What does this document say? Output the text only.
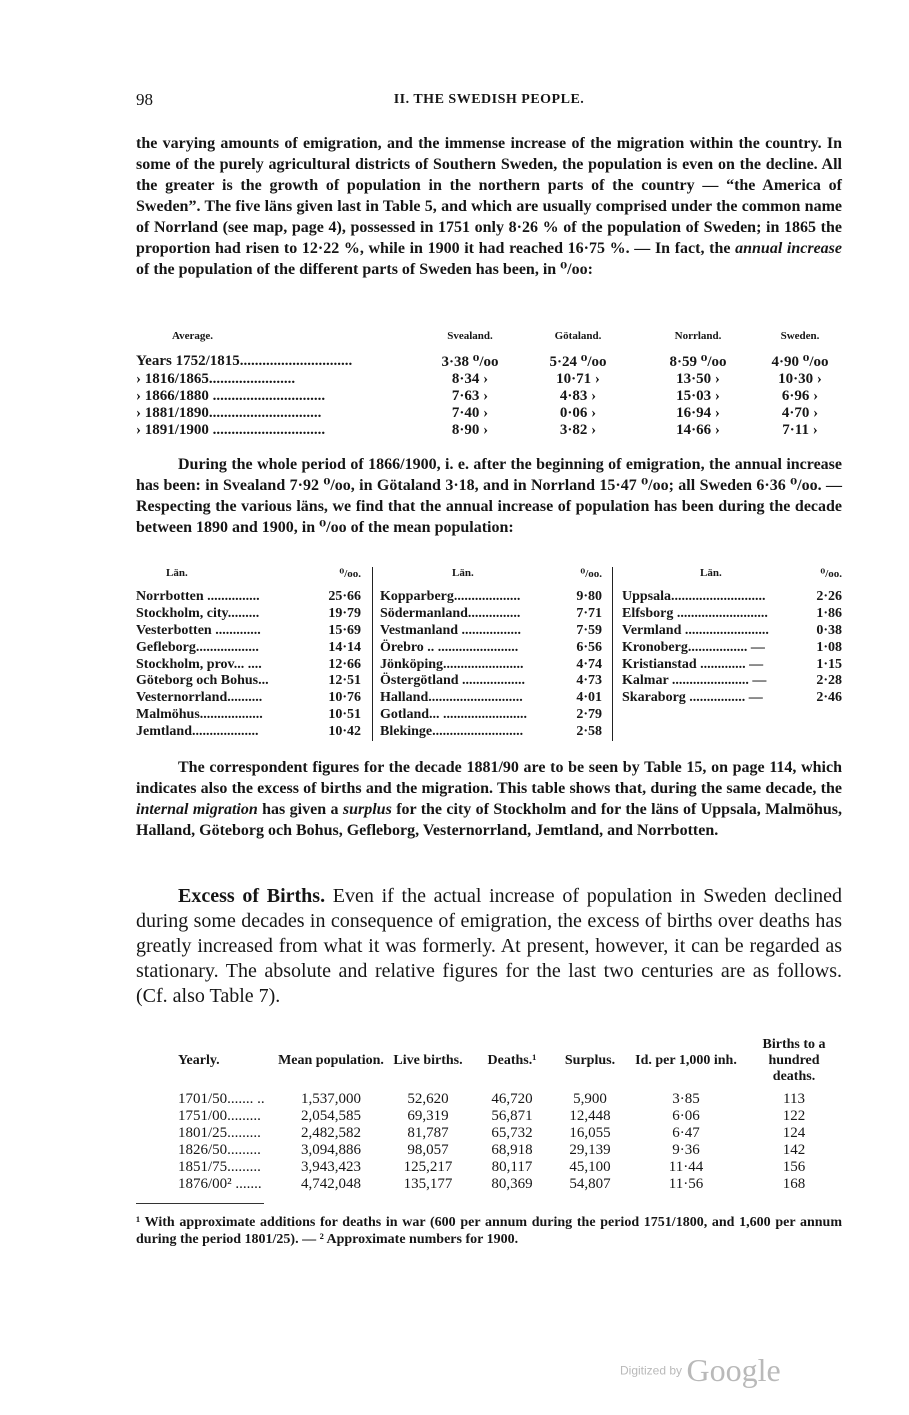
98	II. THE SWEDISH PEOPLE.

the varying amounts of emigration, and the immense increase of the migration within the country. In some of the purely agricultural districts of Southern Sweden, the population is even on the decline. All the greater is the growth of population in the northern parts of the country — “the America of Sweden”. The five läns given last in Table 5, and which are usually comprised under the common name of Norrland (see map, page 4), possessed in 1751 only 8·26 % of the population of Sweden; in 1865 the proportion had risen to 12·22 %, while in 1900 it had reached 16·75 %. — In fact, the annual increase of the population of the different parts of Sweden has been, in ⁰/oo:

Average.	Svealand.	Götaland.	Norrland.	Sweden.
Years 1752/1815..............................	3·38 ⁰/oo	5·24 ⁰/oo	8·59 ⁰/oo	4·90 ⁰/oo
› 1816/1865.......................	8·34 ›	10·71 ›	13·50 ›	10·30 ›
› 1866/1880 ..............................	7·63 ›	4·83 ›	15·03 ›	6·96 ›
› 1881/1890..............................	7·40 ›	0·06 ›	16·94 ›	4·70 ›
› 1891/1900 ..............................	8·90 ›	3·82 ›	14·66 ›	7·11 ›

During the whole period of 1866/1900, i. e. after the beginning of emigration, the annual increase has been: in Svealand 7·92 ⁰/oo, in Götaland 3·18, and in Norrland 15·47 ⁰/oo; all Sweden 6·36 ⁰/oo. — Respecting the various läns, we find that the annual increase of population has been during the decade between 1890 and 1900, in ⁰/oo of the mean population:

Län.	⁰/oo.
Norrbotten ...............	25·66
Stockholm, city.........	19·79
Vesterbotten .............	15·69
Gefleborg..................	14·14
Stockholm, prov... ....	12·66
Göteborg och Bohus...	12·51
Vesternorrland..........	10·76
Malmöhus..................	10·51
Jemtland...................	10·42
Län.	⁰/oo.
Kopparberg...................	9·80
Södermanland...............	7·71
Vestmanland .................	7·59
Örebro .. .......................	6·56
Jönköping.......................	4·74
Östergötland ..................	4·73
Halland...........................	4·01
Gotland... ........................	2·79
Blekinge..........................	2·58
Län.	⁰/oo.
Uppsala...........................	2·26
Elfsborg ..........................	1·86
Vermland ........................	0·38
Kronoberg................. —	1·08
Kristianstad ............. —	1·15
Kalmar ...................... —	2·28
Skaraborg ................ —	2·46

The correspondent figures for the decade 1881/90 are to be seen by Table 15, on page 114, which indicates also the excess of births and the migration. This table shows that, during the same decade, the internal migration has given a surplus for the city of Stockholm and for the läns of Uppsala, Malmöhus, Halland, Göteborg och Bohus, Gefleborg, Vesternorrland, Jemtland, and Norrbotten.

Excess of Births. Even if the actual increase of population in Sweden declined during some decades in consequence of emigration, the excess of births over deaths has greatly increased from what it was formerly. At present, however, it can be regarded as stationary. The absolute and relative figures for the last two centuries are as follows. (Cf. also Table 7).

Yearly.	Mean population.	Live births.	Deaths.¹	Surplus.	Id. per 1,000 inh.	Births to a hundred deaths.
1701/50....... ..	1,537,000	52,620	46,720	5,900	3·85	113
1751/00.........	2,054,585	69,319	56,871	12,448	6·06	122
1801/25.........	2,482,582	81,787	65,732	16,055	6·47	124
1826/50.........	3,094,886	98,057	68,918	29,139	9·36	142
1851/75.........	3,943,423	125,217	80,117	45,100	11·44	156
1876/00² .......	4,742,048	135,177	80,369	54,807	11·56	168

¹ With approximate additions for deaths in war (600 per annum during the period 1751/1800, and 1,600 per annum during the period 1801/25). — ² Approximate numbers for 1900.

Digitized by Google
